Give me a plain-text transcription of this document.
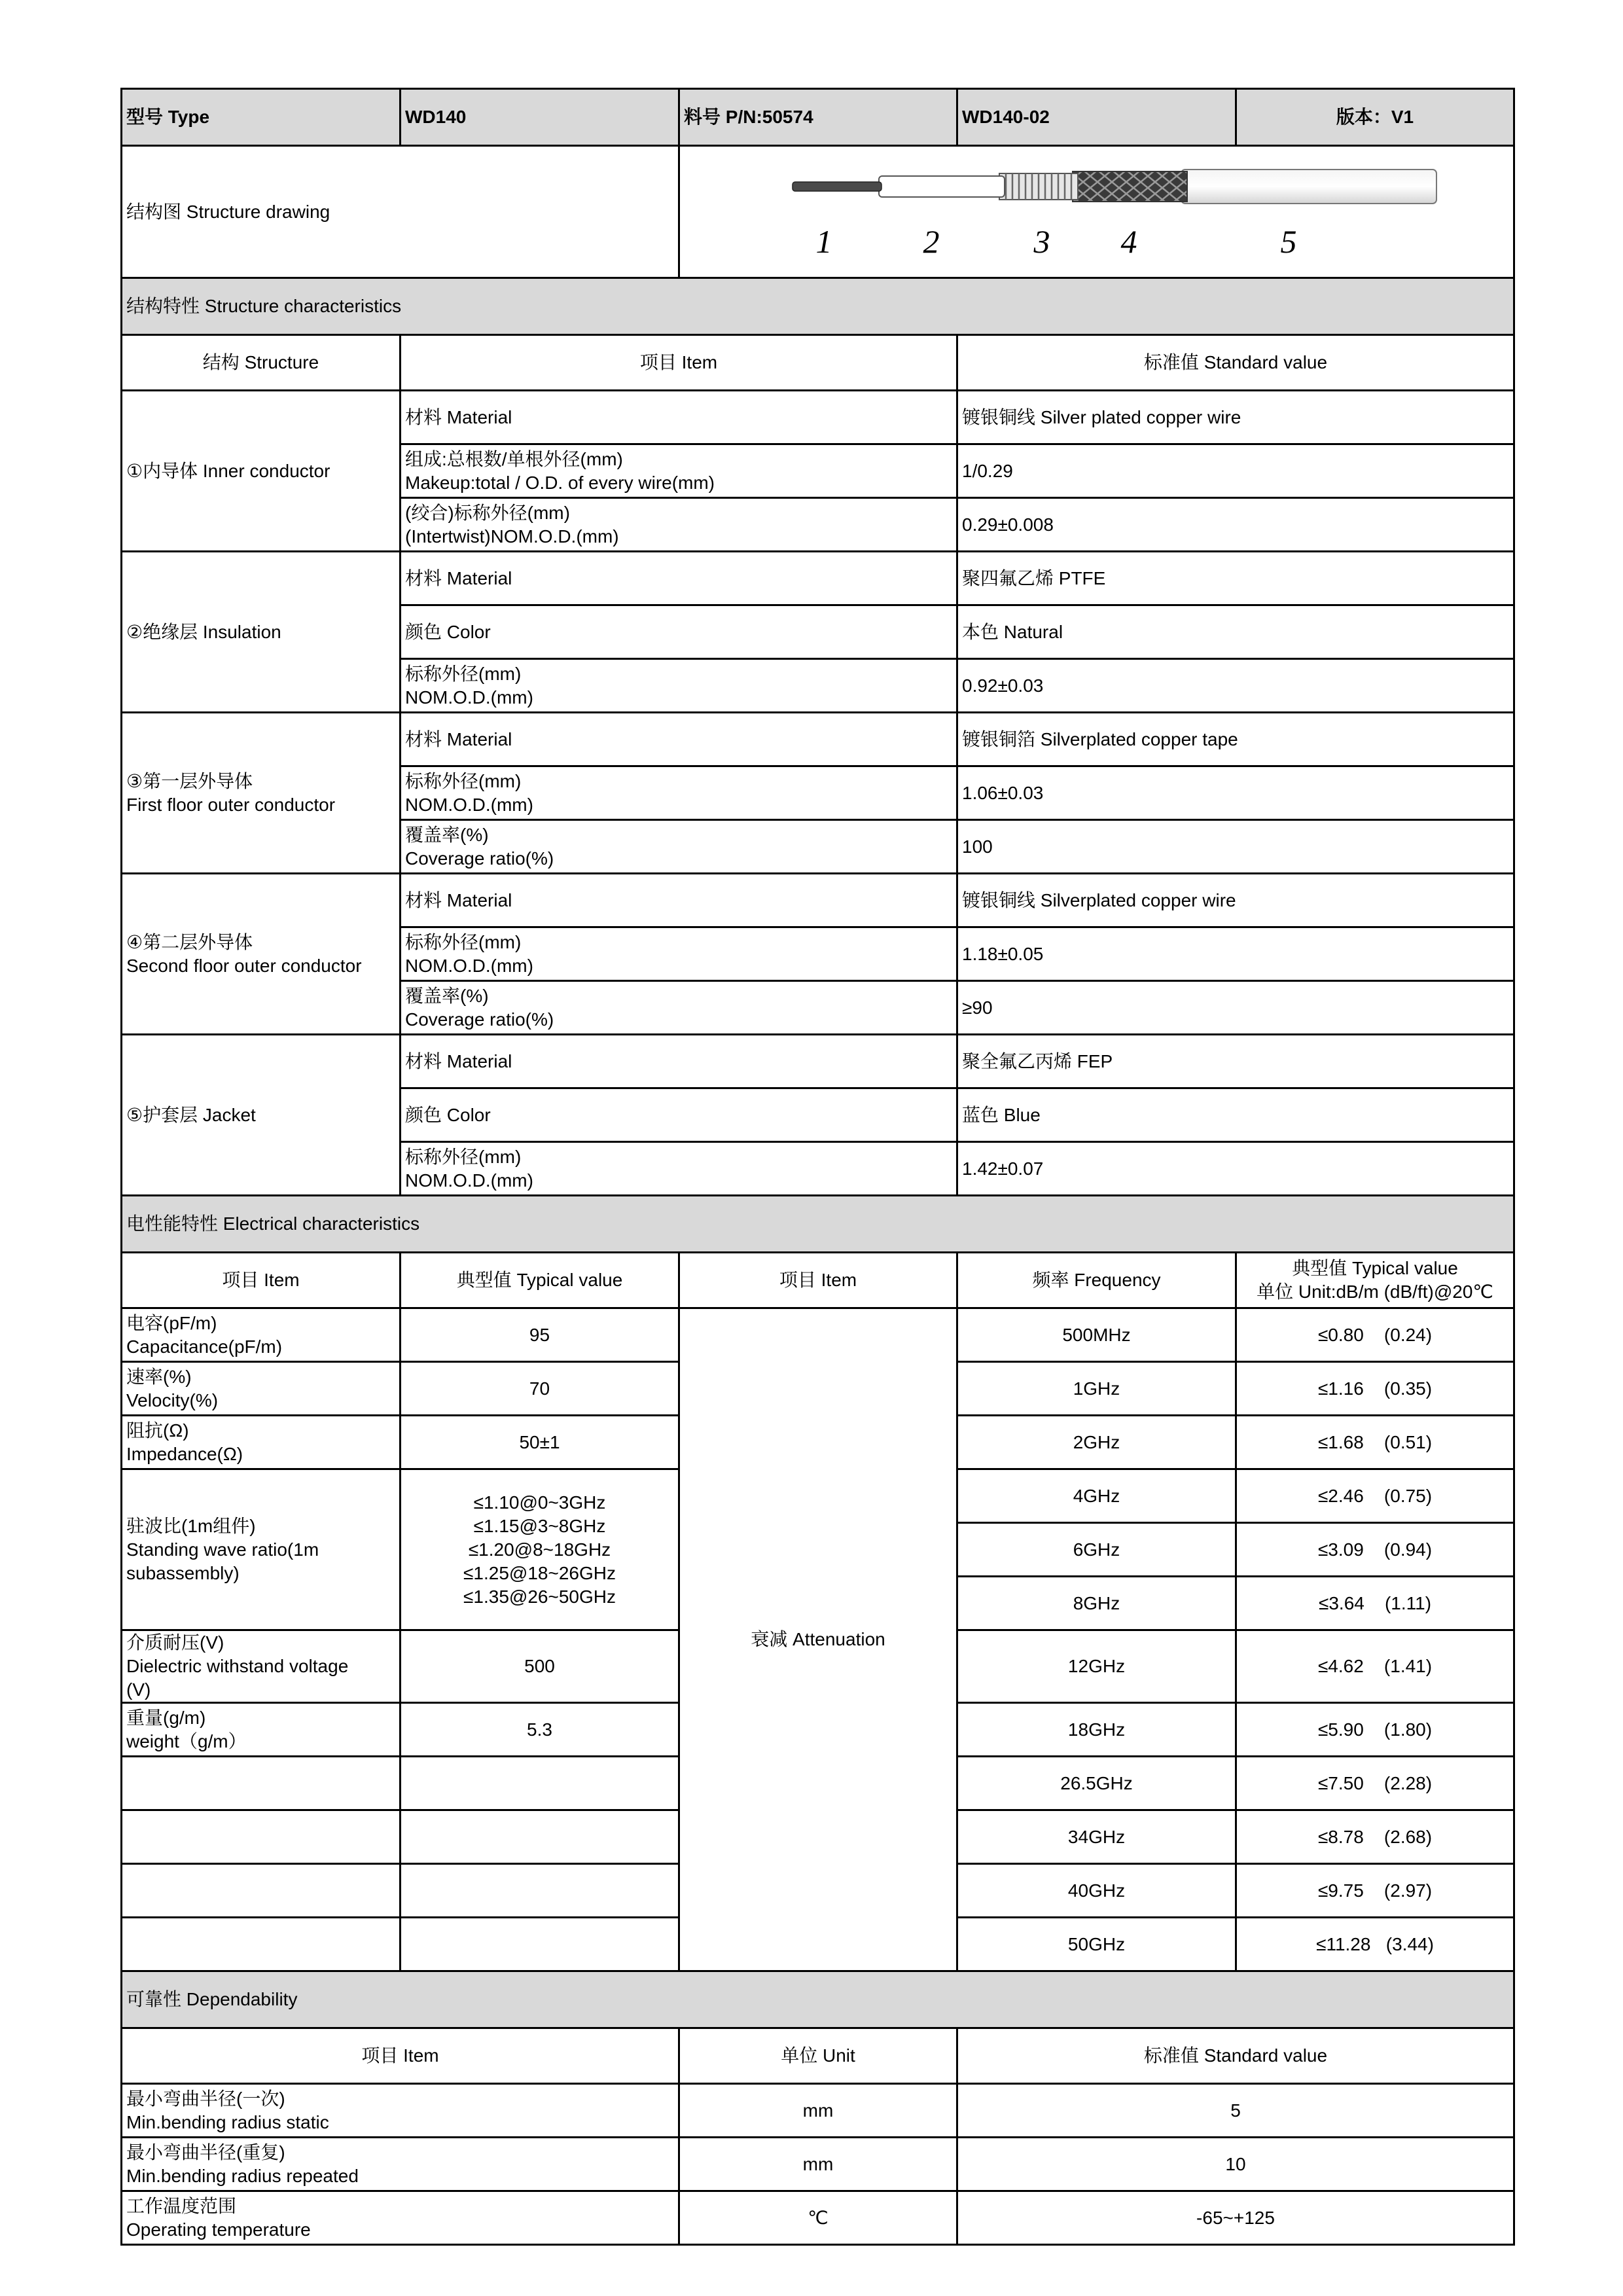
型号 Type	WD140	料号 P/N:50574	WD140-02	版本：V1
结构图 Structure drawing		1 2 3 4 5		

结构特性 Structure characteristics				
结构 Structure	项目 Item		标准值 Standard value	
①内导体 Inner conductor	材料 Material		镀银铜线 Silver plated copper wire	
	组成:总根数/单根外径(mm)
Makeup:total / O.D. of every wire(mm)		1/0.29	
	(绞合)标称外径(mm)
(Intertwist)NOM.O.D.(mm)		0.29±0.008	
②绝缘层 Insulation	材料 Material		聚四氟乙烯 PTFE	
	颜色 Color		本色 Natural	
	标称外径(mm)
NOM.O.D.(mm)		0.92±0.03	
③第一层外导体
First floor outer conductor	材料 Material		镀银铜箔 Silverplated copper tape	
	标称外径(mm)
NOM.O.D.(mm)		1.06±0.03	
	覆盖率(%)
Coverage ratio(%)		100	
④第二层外导体
Second floor outer conductor	材料 Material		镀银铜线 Silverplated copper wire	
	标称外径(mm)
NOM.O.D.(mm)		1.18±0.05	
	覆盖率(%)
Coverage ratio(%)		≥90	
⑤护套层 Jacket	材料 Material		聚全氟乙丙烯 FEP	
	颜色 Color		蓝色 Blue	
	标称外径(mm)
NOM.O.D.(mm)		1.42±0.07	
电性能特性 Electrical characteristics				
项目 Item	典型值 Typical value	项目 Item	频率 Frequency	典型值 Typical value
单位 Unit:dB/m (dB/ft)@20℃

电容(pF/m)
Capacitance(pF/m)	95	衰减 Attenuation	500MHz	≤0.80    (0.24)
速率(%)
Velocity(%)	70		1GHz	≤1.16    (0.35)
阻抗(Ω)
Impedance(Ω)	50±1		2GHz	≤1.68    (0.51)
驻波比(1m组件)
Standing wave ratio(1m
subassembly)	≤1.10@0~3GHz
≤1.15@3~8GHz
≤1.20@8~18GHz
≤1.25@18~26GHz
≤1.35@26~50GHz		4GHz	≤2.46    (0.75)
			6GHz	≤3.09    (0.94)
			8GHz	≤3.64    (1.11)
介质耐压(V)
Dielectric withstand voltage
(V)	500		12GHz	≤4.62    (1.41)
重量(g/m)
weight（g/m）	5.3		18GHz	≤5.90    (1.80)
			26.5GHz	≤7.50    (2.28)
			34GHz	≤8.78    (2.68)
			40GHz	≤9.75    (2.97)
			50GHz	≤11.28   (3.44)
可靠性 Dependability				
项目 Item		单位 Unit	标准值 Standard value	
最小弯曲半径(一次)
Min.bending radius static		mm	5	
最小弯曲半径(重复)
Min.bending radius repeated		mm	10	
工作温度范围
Operating temperature		℃	-65~+125	
